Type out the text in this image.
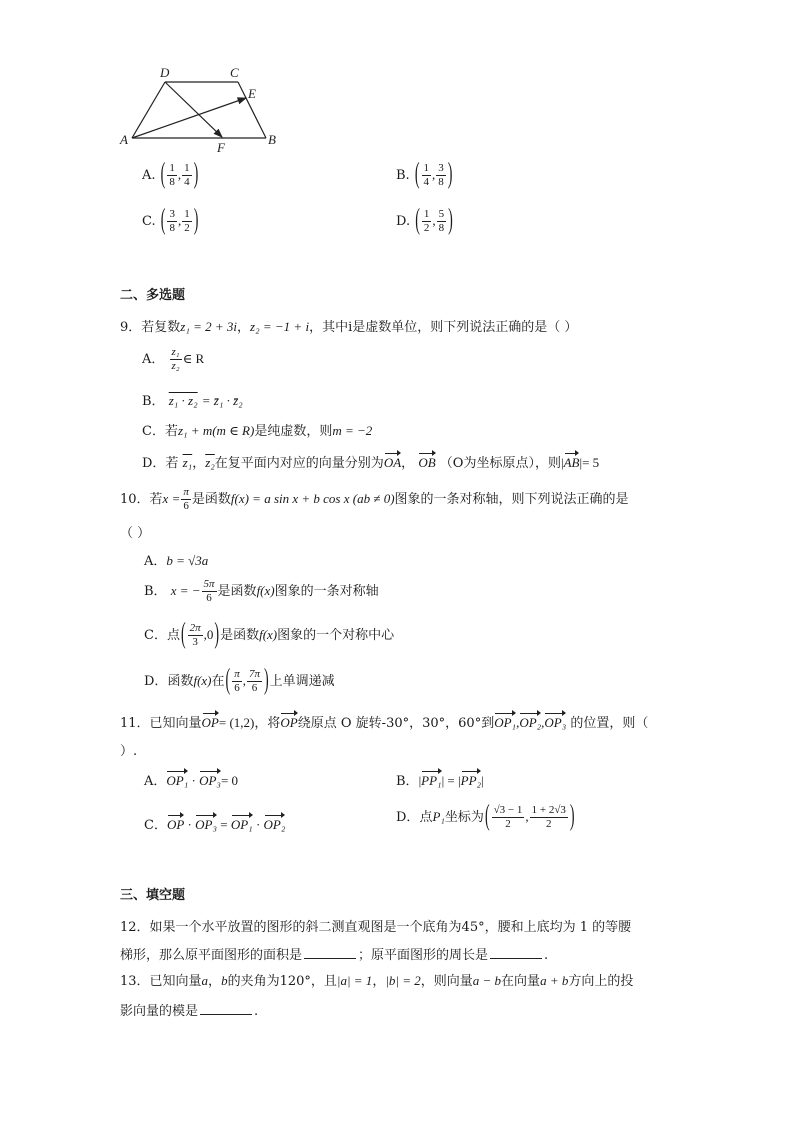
D	C
E
A	B
F
A. ( $\frac{1}{8}$ , $\frac{1}{4}$ )	B. ( $\frac{1}{4}$ , $\frac{3}{8}$ )
C. ( $\frac{3}{8}$ , $\frac{1}{2}$ )	D. ( $\frac{1}{2}$ , $\frac{5}{8}$ )
二、多选题
9．若复数z₁ = 2 + 3i，z₂ = −1 + i，其中i是虚数单位，则下列说法正确的是（ ）
A． $\frac{\text{z₁}}{\text{z₂}}$ ∈ R
B． z₁ · z₂ = z̄₁ · z̄₂
C．若z₁ + m(m ∈ R)是纯虚数，则m = −2
D．若 z₁，z₂在复平面内对应的向量分别为OA， OB （O为坐标原点），则|AB|= 5
10．若$x = \frac{\pi}{6}$ 是函数f(x) = a sin x + b cos x (ab ≠ 0)图象的一条对称轴，则下列说法正确的是
（ ）
A．b = √3a
B． x = − $\frac{5\pi}{6}$ 是函数f(x)图象的一条对称轴
C．点( $\frac{2\pi}{3} ,0$)是函数f(x)图象的一个对称中心
D．函数f(x)在( $\frac{\pi}{6}$ , $\frac{7\pi}{6}$ )上单调递减
11．已知向量OP= (1,2)，将OP绕原点 O 旋转-30°，30°，60°到OP₁,OP₂,OP₃ 的位置，则（
）.
A．OP₁ · OP₃= 0	B．|PP₁| = |PP₂|
C．OP · OP₃ = OP₁ · OP₂	D．点P₁坐标为( $\frac{√3 - 1}{2}$ , $\frac{1 + 2√3}{2}$ )
三、填空题
12．如果一个水平放置的图形的斜二测直观图是一个底角为45°，腰和上底均为 1 的等腰
梯形，那么原平面图形的面积是	；原平面图形的周长是	.
13．已知向量a，b的夹角为120°，且|a| = 1，|b| = 2，则向量a − b在向量a + b方向上的投
影向量的模是	.
